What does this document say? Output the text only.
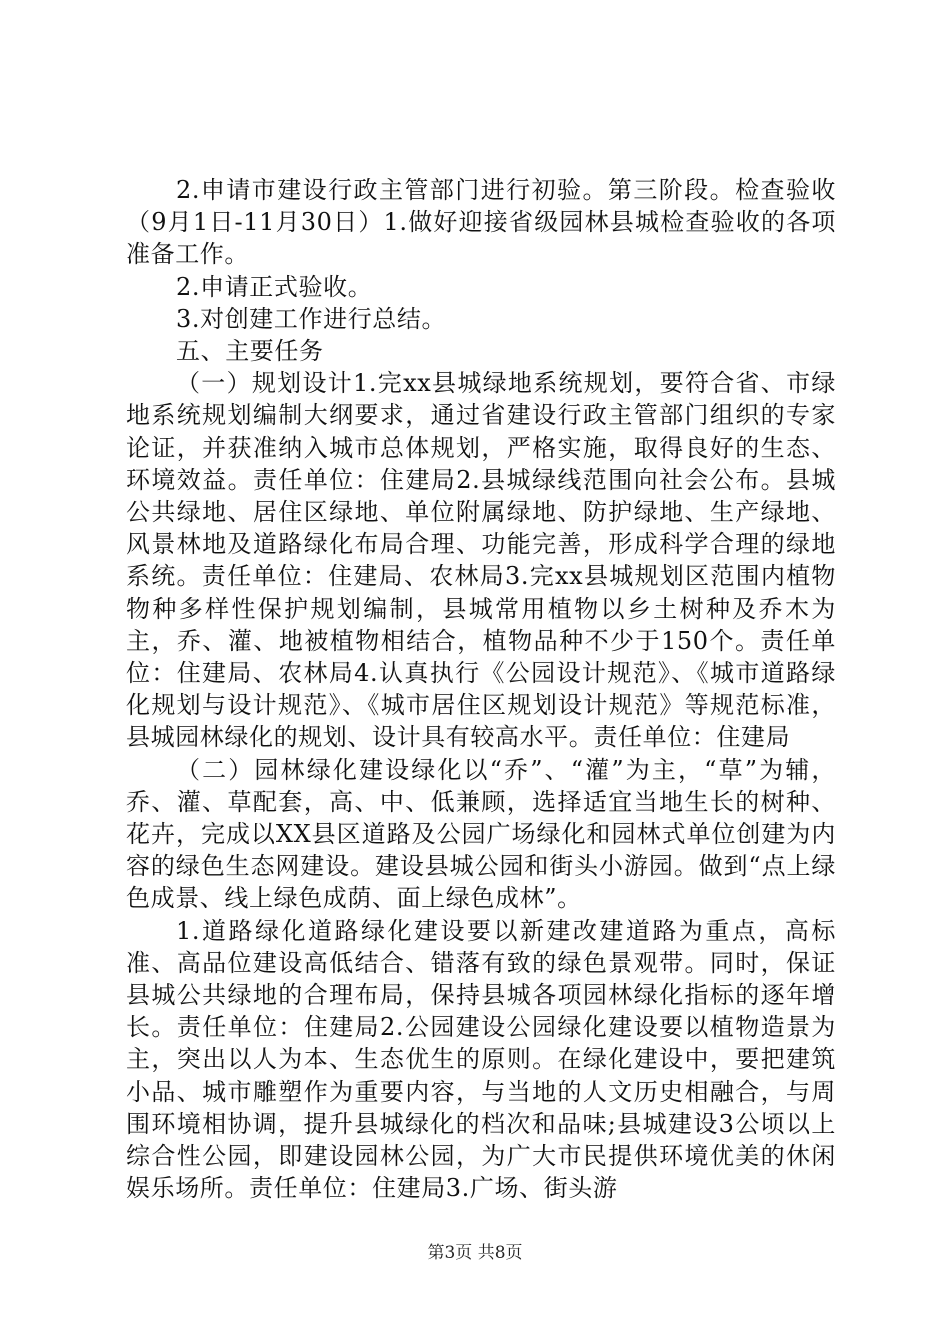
2.申请市建设行政主管部门进行初验。第三阶段。检查验收（9月1日-11月30日）1.做好迎接省级园林县城检查验收的各项准备工作。

2.申请正式验收。

3.对创建工作进行总结。

五、主要任务

（一）规划设计1.完xx县城绿地系统规划，要符合省、市绿地系统规划编制大纲要求，通过省建设行政主管部门组织的专家论证，并获准纳入城市总体规划，严格实施，取得良好的生态、环境效益。责任单位：住建局2.县城绿线范围向社会公布。县城公共绿地、居住区绿地、单位附属绿地、防护绿地、生产绿地、风景林地及道路绿化布局合理、功能完善，形成科学合理的绿地系统。责任单位：住建局、农林局3.完xx县城规划区范围内植物物种多样性保护规划编制，县城常用植物以乡土树种及乔木为主，乔、灌、地被植物相结合，植物品种不少于150个。责任单位：住建局、农林局4.认真执行《公园设计规范》、《城市道路绿化规划与设计规范》、《城市居住区规划设计规范》等规范标准，县城园林绿化的规划、设计具有较高水平。责任单位：住建局

（二）园林绿化建设绿化以“乔”、“灌”为主，“草”为辅，乔、灌、草配套，高、中、低兼顾，选择适宜当地生长的树种、花卉，完成以XX县区道路及公园广场绿化和园林式单位创建为内容的绿色生态网建设。建设县城公园和街头小游园。做到“点上绿色成景、线上绿色成荫、面上绿色成林”。

1.道路绿化道路绿化建设要以新建改建道路为重点，高标准、高品位建设高低结合、错落有致的绿色景观带。同时，保证县城公共绿地的合理布局，保持县城各项园林绿化指标的逐年增长。责任单位：住建局2.公园建设公园绿化建设要以植物造景为主，突出以人为本、生态优生的原则。在绿化建设中，要把建筑小品、城市雕塑作为重要内容，与当地的人文历史相融合，与周围环境相协调，提升县城绿化的档次和品味;县城建设3公顷以上综合性公园，即建设园林公园，为广大市民提供环境优美的休闲娱乐场所。责任单位：住建局3.广场、街头游

第3页 共8页
